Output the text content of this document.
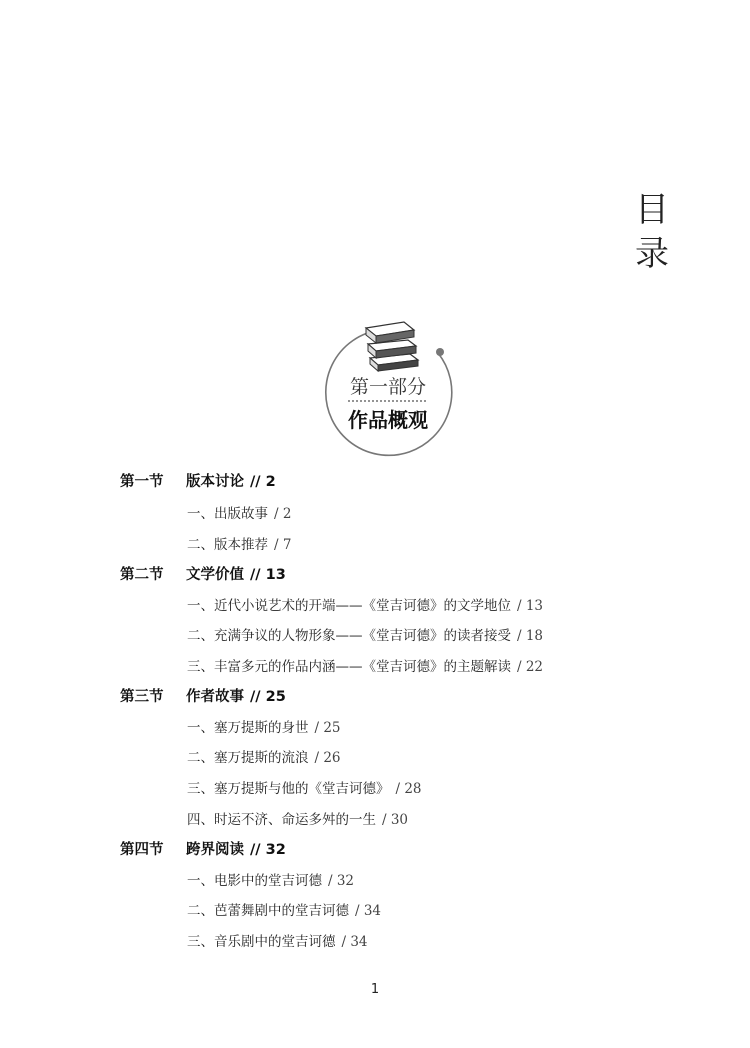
目
录
第一部分
作品概观
第一节 版本讨论 // 2
一、出版故事 / 2
二、版本推荐 / 7
第二节 文学价值 // 13
一、近代小说艺术的开端——《堂吉诃德》的文学地位 / 13
二、充满争议的人物形象——《堂吉诃德》的读者接受 / 18
三、丰富多元的作品内涵——《堂吉诃德》的主题解读 / 22
第三节 作者故事 // 25
一、塞万提斯的身世 / 25
二、塞万提斯的流浪 / 26
三、塞万提斯与他的《堂吉诃德》 / 28
四、时运不济、命运多舛的一生 / 30
第四节 跨界阅读 // 32
一、电影中的堂吉诃德 / 32
二、芭蕾舞剧中的堂吉诃德 / 34
三、音乐剧中的堂吉诃德 / 34
1
